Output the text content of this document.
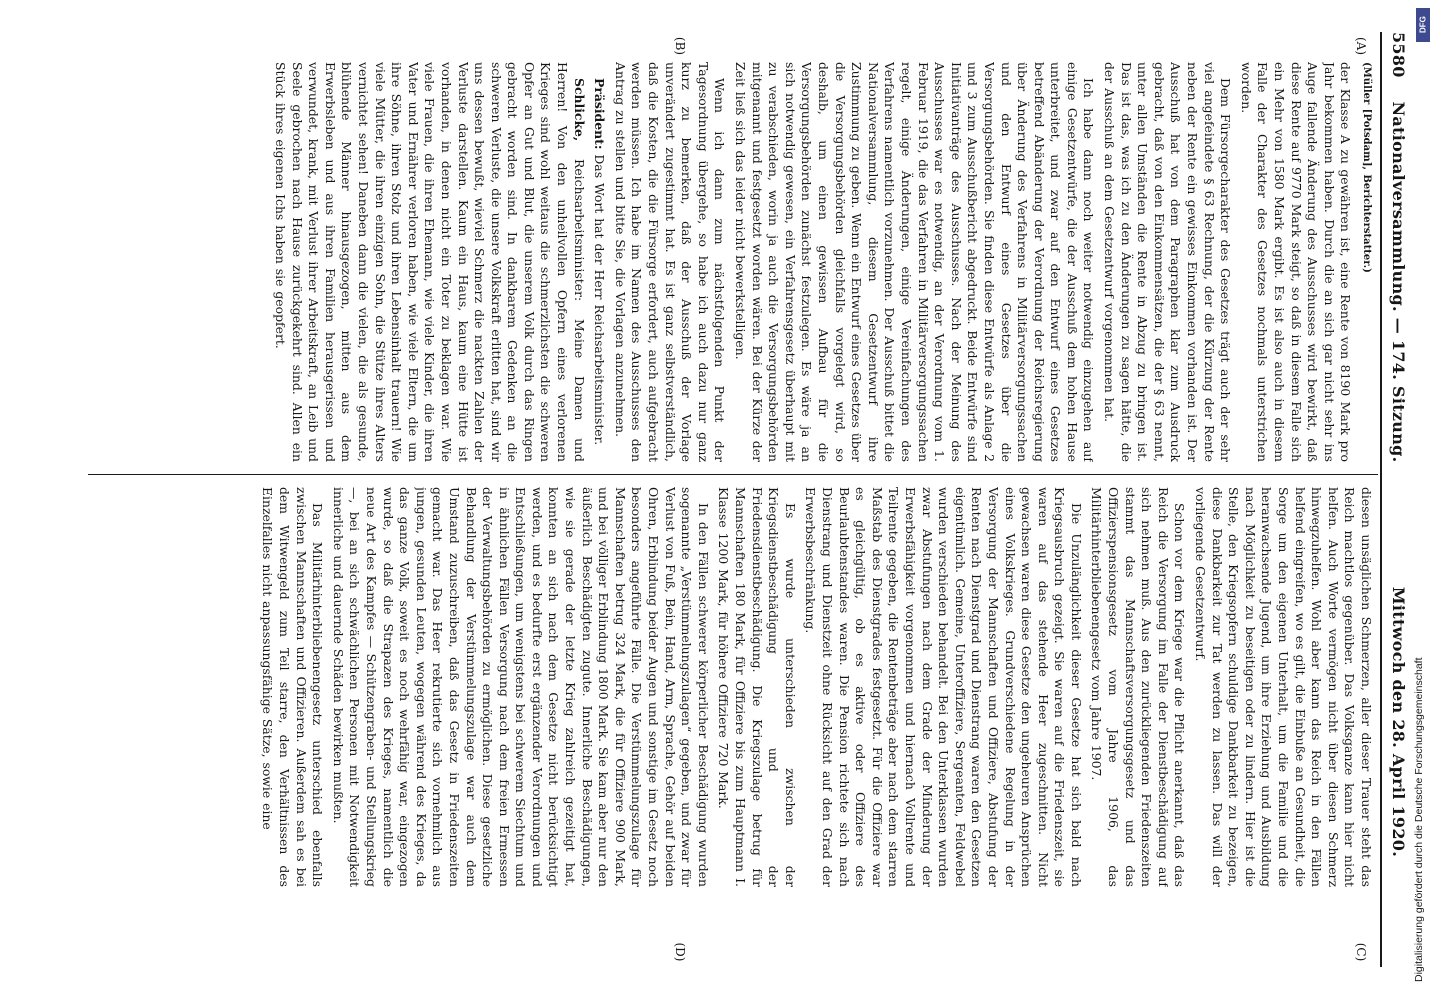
5580
Nationalversammlung. — 174. Sitzung.
Mittwoch den 28. April 1920.
(A)
(B)
(C)
(D)

(Müller [Potsdam], Berichterstatter.)

der Klasse A zu gewähren ist, eine Rente von 8190 Mark pro Jahr bekommen haben. Durch die an sich gar nicht sehr ins Auge fallende Änderung des Ausschusses wird bewirkt, daß diese Rente auf 9770 Mark steigt, so daß in diesem Falle sich ein Mehr von 1580 Mark ergibt. Es ist also auch in diesem Falle der Charakter des Gesetzes nochmals unterstrichen worden.

Dem Fürsorgecharakter des Gesetzes trägt auch der sehr viel angefeindete § 63 Rechnung, der die Kürzung der Rente neben der Rente ein gewisses Einkommen vorhanden ist. Der Ausschuß hat von dem Paragraphen klar zum Ausdruck gebracht, daß von den Einkommensätzen, die der § 63 nennt, unter allen Umständen die Rente in Abzug zu bringen ist. Das ist das, was ich zu den Änderungen zu sagen hätte, die der Ausschuß an dem Gesetzentwurf vorgenommen hat.

Ich habe dann noch weiter notwendig einzugehen auf einige Gesetzentwürfe, die der Ausschuß dem hohen Hause unterbreitet, und zwar auf den Entwurf eines Gesetzes betreffend Abänderung der Verordnung der Reichsregierung über Änderung des Verfahrens in Militärversorgungssachen und den Entwurf eines Gesetzes über die Versorgungsbehörden. Sie finden diese Entwürfe als Anlage 2 und 3 zum Ausschußbericht abgedruckt. Beide Entwürfe sind Initiativanträge des Ausschusses. Nach der Meinung des Ausschusses war es notwendig, an der Verordnung vom 1. Februar 1919, die das Verfahren in Militärversorgungssachen regelt, einige Änderungen, einige Vereinfachungen des Verfahrens namentlich vorzunehmen. Der Ausschuß bittet die Nationalversammlung, diesem Gesetzentwurf ihre Zustimmung zu geben. Wenn ein Entwurf eines Gesetzes über die Versorgungsbehörden gleichfalls vorgelegt wird, so deshalb, um einen gewissen Aufbau für die Versorgungsbehörden zunächst festzulegen. Es wäre ja an sich notwendig gewesen, ein Verfahrensgesetz überhaupt mit zu verabschieden, worin ja auch die Versorgungsbehörden mitgenannt und festgesetzt worden wären. Bei der Kürze der Zeit ließ sich das leider nicht bewerkstelligen.

Wenn ich dann zum nächstfolgenden Punkt der Tagesordnung übergehe, so habe ich auch dazu nur ganz kurz zu bemerken, daß der Ausschuß der Vorlage unverändert zugestimmt hat. Es ist ganz selbstverständlich, daß die Kosten, die die Fürsorge erfordert, auch aufgebracht werden müssen. Ich habe im Namen des Ausschusses den Antrag zu stellen und bitte Sie, die Vorlagen anzunehmen.

Präsident: Das Wort hat der Herr Reichsarbeitsminister.

Schlicke, Reichsarbeitsminister: Meine Damen und Herren! Von den unheilvollen Opfern eines verlorenen Krieges sind wohl weitaus die schmerzlichsten die schweren Opfer an Gut und Blut, die unserem Volk durch das Ringen gebracht worden sind. In dankbarem Gedenken an die schweren Verluste, die unsere Volkskraft erlitten hat, sind wir uns dessen bewußt, wieviel Schmerz die nackten Zahlen der Verluste darstellen. Kaum ein Haus, kaum eine Hütte ist vorhanden, in denen nicht ein Toter zu beklagen war. Wie viele Frauen, die ihren Ehemann, wie viele Kinder, die ihren Vater und Ernährer verloren haben, wie viele Eltern, die um ihre Söhne, ihren Stolz und ihren Lebensinhalt trauern! Wie viele Mütter, die ihren einzigen Sohn, die Stütze ihres Alters vernichtet sehen! Daneben dann die vielen, die als gesunde, blühende Männer hinausgezogen, mitten aus dem Erwerbsleben und aus ihren Familien herausgerissen und verwundet, krank, mit Verlust ihrer Arbeitskraft, an Leib und Seele gebrochen nach Hause zurückgekehrt sind. Allen ein Stück ihres eigenen Ichs haben sie geopfert.

diesen unsäglichen Schmerzen, aller dieser Trauer steht das Reich machtlos gegenüber. Das Volksganze kann hier nicht helfen. Auch Worte vermögen nicht über diesen Schmerz hinwegzuhelfen. Wohl aber kann das Reich in den Fällen helfend eingreifen, wo es gilt, die Einbuße an Gesundheit, die Sorge um den eigenen Unterhalt, um die Familie und die heranwachsende Jugend, um ihre Erziehung und Ausbildung nach Möglichkeit zu beseitigen oder zu lindern. Hier ist die Stelle, den Kriegsopfern schuldige Dankbarkeit zu bezeigen, diese Dankbarkeit zur Tat werden zu lassen. Das will der vorliegende Gesetzentwurf.

Schon vor dem Kriege war die Pflicht anerkannt, daß das Reich die Versorgung im Falle der Dienstbeschädigung auf sich nehmen muß. Aus den zurückliegenden Friedenszeiten stammt das Mannschaftsversorgungsgesetz und das Offizierspensionsgesetz vom Jahre 1906, das Militärhinterbliebenengesetz vom Jahre 1907.

Die Unzulänglichkeit dieser Gesetze hat sich bald nach Kriegsausbruch gezeigt. Sie waren auf die Friedenszeit, sie waren auf das stehende Heer zugeschnitten. Nicht gewachsen waren diese Gesetze den ungeheuren Ansprüchen eines Volkskrieges. Grundverschiedene Regelung in der Versorgung der Mannschaften und Offiziere, Abstufung der Renten nach Dienstgrad und Dienstrang waren den Gesetzen eigentümlich. Gemeine, Unteroffiziere, Sergeanten, Feldwebel wurden verschieden behandelt. Bei den Unterklassen wurden zwar Abstufungen nach dem Grade der Minderung der Erwerbsfähigkeit vorgenommen und hiernach Vollrente und Teilrente gegeben, die Rentenbeträge aber nach dem starren Maßstab des Dienstgrades festgesetzt. Für die Offiziere war es gleichgültig, ob es aktive oder Offiziere des Beurlaubtenstandes waren. Die Pension richtete sich nach Dienstrang und Dienstzeit ohne Rücksicht auf den Grad der Erwerbsbeschränkung.

Es wurde unterschieden zwischen der Kriegsdienstbeschädigung und der Friedensdienstbeschädigung. Die Kriegszulage betrug für Mannschaften 180 Mark, für Offiziere bis zum Hauptmann I. Klasse 1200 Mark, für höhere Offiziere 720 Mark.

In den Fällen schwerer körperlicher Beschädigung wurden sogenannte „Verstümmelungszulagen“ gegeben, und zwar für Verlust von Fuß, Bein, Hand, Arm, Sprache, Gehör auf beiden Ohren, Erblindung beider Augen und sonstige im Gesetz noch besonders angeführte Fälle. Die Verstümmelungszulage für Mannschaften betrug 324 Mark, die für Offiziere 900 Mark, und bei völliger Erblindung 1800 Mark. Sie kam aber nur den äußerlich Beschädigten zugute. Innerliche Beschädigungen, wie sie gerade der letzte Krieg zahlreich gezeitigt hat, konnten an sich nach dem Gesetze nicht berücksichtigt werden, und es bedurfte erst ergänzender Verordnungen und Entschließungen, um wenigstens bei schwerem Siechtum und in ähnlichen Fällen Versorgung nach dem freien Ermessen der Verwaltungsbehörden zu ermöglichen. Diese gesetzliche Behandlung der Verstümmelungszulage war auch dem Umstand zuzuschreiben, daß das Gesetz in Friedenszeiten gemacht war. Das Heer rekrutierte sich vornehmlich aus jungen, gesunden Leuten, wogegen während des Krieges, da das ganze Volk, soweit es noch wehrfähig war, eingezogen wurde, so daß die Strapazen des Krieges, namentlich die neue Art des Kampfes — Schützengraben- und Stellungskrieg —, bei an sich schwächlichen Personen mit Notwendigkeit innerliche und dauernde Schäden bewirken mußten.

Das Militärhinterbliebenengesetz unterschied ebenfalls zwischen Mannschaften und Offizieren. Außerdem sah es bei dem Witwengeld zum Teil starre, den Verhältnissen des Einzelfalles nicht anpassungsfähige Sätze, sowie eine	Digitalisierung gefördert durch die Deutsche Forschungsgemeinschaft
DFG
